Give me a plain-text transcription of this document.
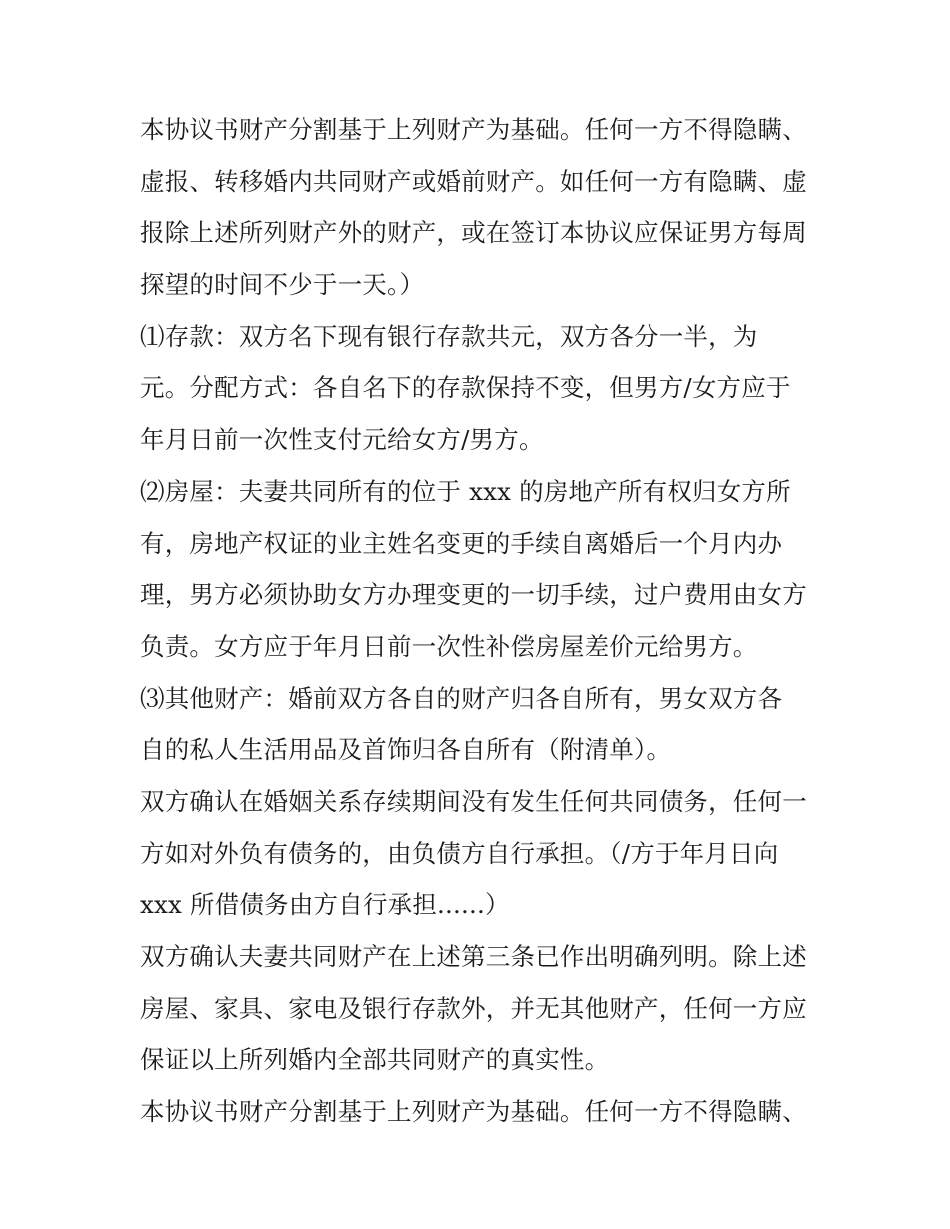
本协议书财产分割基于上列财产为基础。任何一方不得隐瞒、
虚报、转移婚内共同财产或婚前财产。如任何一方有隐瞒、虚
报除上述所列财产外的财产，或在签订本协议应保证男方每周
探望的时间不少于一天。）
⑴存款：双方名下现有银行存款共元，双方各分一半，为
元。分配方式：各自名下的存款保持不变，但男方/女方应于
年月日前一次性支付元给女方/男方。
⑵房屋：夫妻共同所有的位于 xxx 的房地产所有权归女方所
有，房地产权证的业主姓名变更的手续自离婚后一个月内办
理，男方必须协助女方办理变更的一切手续，过户费用由女方
负责。女方应于年月日前一次性补偿房屋差价元给男方。
⑶其他财产：婚前双方各自的财产归各自所有，男女双方各
自的私人生活用品及首饰归各自所有（附清单）。
双方确认在婚姻关系存续期间没有发生任何共同债务，任何一
方如对外负有债务的，由负债方自行承担。（/方于年月日向
xxx 所借债务由方自行承担......）
双方确认夫妻共同财产在上述第三条已作出明确列明。除上述
房屋、家具、家电及银行存款外，并无其他财产，任何一方应
保证以上所列婚内全部共同财产的真实性。
本协议书财产分割基于上列财产为基础。任何一方不得隐瞒、
